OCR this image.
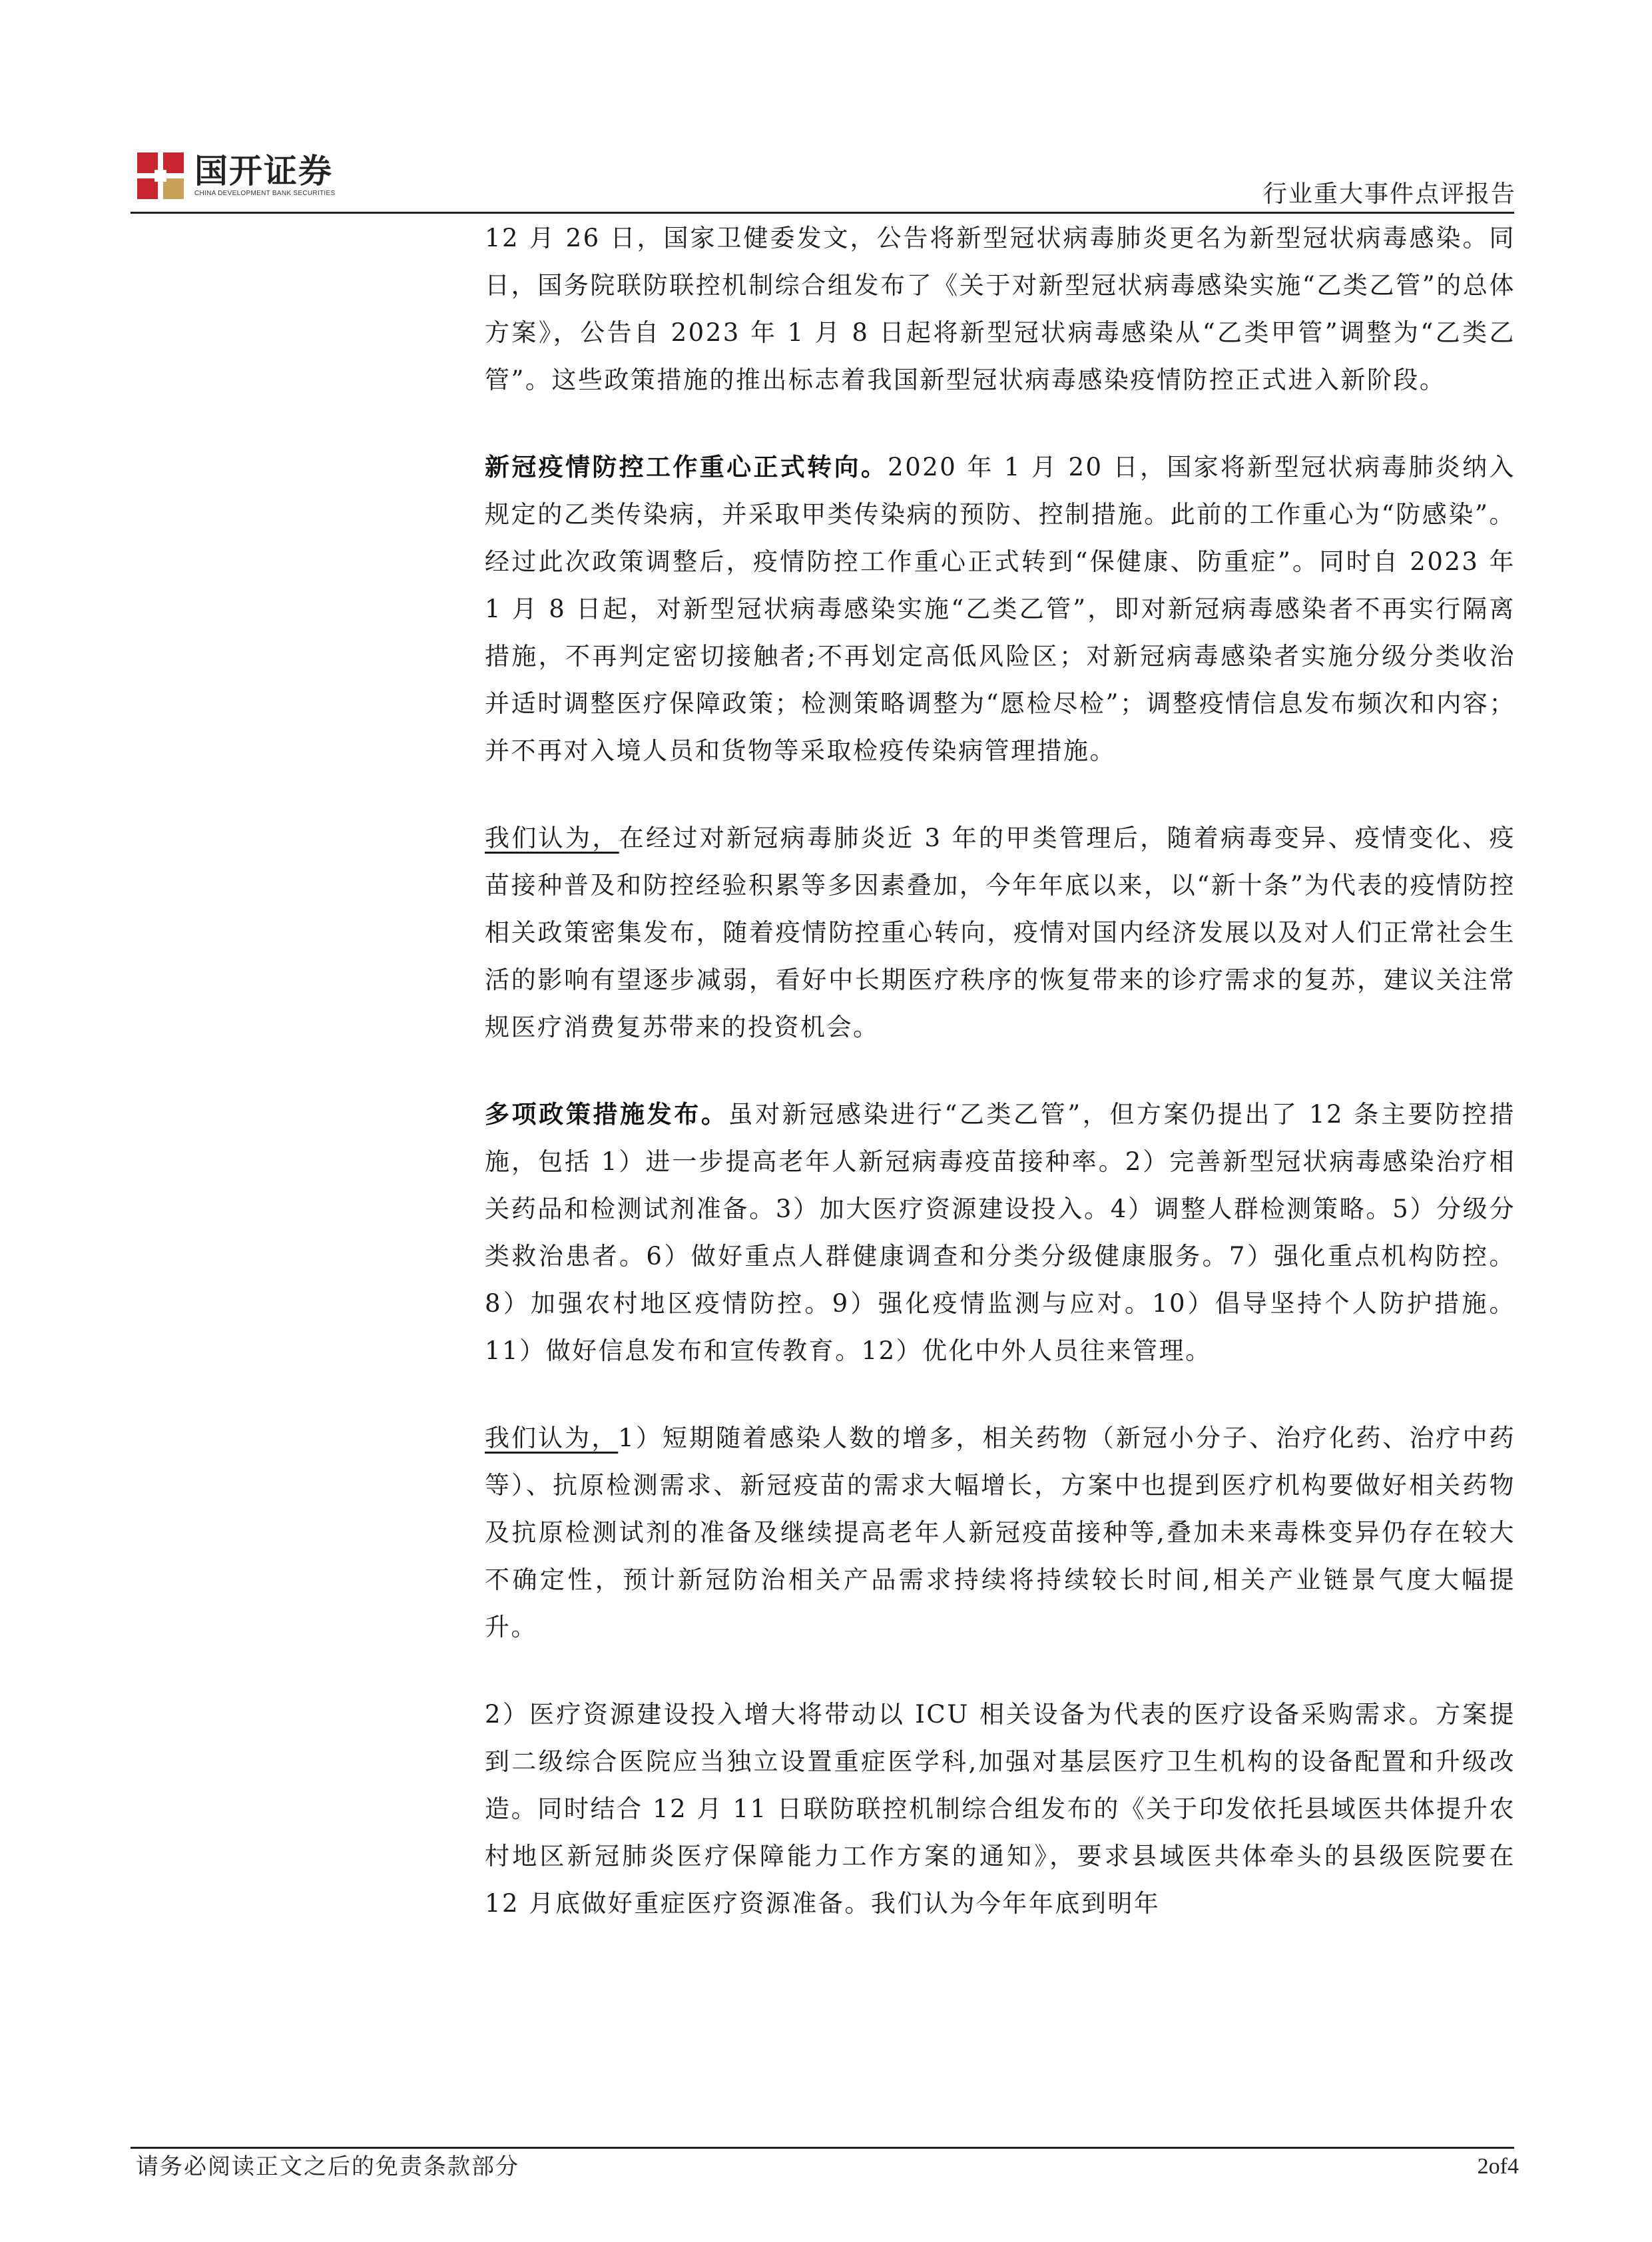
国开证券
CHINA DEVELOPMENT BANK SECURITIES	行业重大事件点评报告

12 月 26 日，国家卫健委发文，公告将新型冠状病毒肺炎更名为新型冠状病毒感染。同日，国务院联防联控机制综合组发布了《关于对新型冠状病毒感染实施“乙类乙管”的总体方案》，公告自 2023 年 1 月 8 日起将新型冠状病毒感染从“乙类甲管”调整为“乙类乙管”。这些政策措施的推出标志着我国新型冠状病毒感染疫情防控正式进入新阶段。

新冠疫情防控工作重心正式转向。2020 年 1 月 20 日，国家将新型冠状病毒肺炎纳入规定的乙类传染病，并采取甲类传染病的预防、控制措施。此前的工作重心为“防感染”。经过此次政策调整后，疫情防控工作重心正式转到“保健康、防重症”。同时自 2023 年 1 月 8 日起，对新型冠状病毒感染实施“乙类乙管”，即对新冠病毒感染者不再实行隔离措施，不再判定密切接触者;不再划定高低风险区；对新冠病毒感染者实施分级分类收治并适时调整医疗保障政策；检测策略调整为“愿检尽检”；调整疫情信息发布频次和内容；并不再对入境人员和货物等采取检疫传染病管理措施。

我们认为，在经过对新冠病毒肺炎近 3 年的甲类管理后，随着病毒变异、疫情变化、疫苗接种普及和防控经验积累等多因素叠加，今年年底以来，以“新十条”为代表的疫情防控相关政策密集发布，随着疫情防控重心转向，疫情对国内经济发展以及对人们正常社会生活的影响有望逐步减弱，看好中长期医疗秩序的恢复带来的诊疗需求的复苏，建议关注常规医疗消费复苏带来的投资机会。

多项政策措施发布。虽对新冠感染进行“乙类乙管”，但方案仍提出了 12 条主要防控措施，包括 1）进一步提高老年人新冠病毒疫苗接种率。2）完善新型冠状病毒感染治疗相关药品和检测试剂准备。3）加大医疗资源建设投入。4）调整人群检测策略。5）分级分类救治患者。6）做好重点人群健康调查和分类分级健康服务。7）强化重点机构防控。8）加强农村地区疫情防控。9）强化疫情监测与应对。10）倡导坚持个人防护措施。11）做好信息发布和宣传教育。12）优化中外人员往来管理。

我们认为，1）短期随着感染人数的增多，相关药物（新冠小分子、治疗化药、治疗中药等）、抗原检测需求、新冠疫苗的需求大幅增长，方案中也提到医疗机构要做好相关药物及抗原检测试剂的准备及继续提高老年人新冠疫苗接种等,叠加未来毒株变异仍存在较大不确定性，预计新冠防治相关产品需求持续将持续较长时间,相关产业链景气度大幅提升。

2）医疗资源建设投入增大将带动以 ICU 相关设备为代表的医疗设备采购需求。方案提到二级综合医院应当独立设置重症医学科,加强对基层医疗卫生机构的设备配置和升级改造。同时结合 12 月 11 日联防联控机制综合组发布的《关于印发依托县域医共体提升农村地区新冠肺炎医疗保障能力工作方案的通知》，要求县域医共体牵头的县级医院要在 12 月底做好重症医疗资源准备。我们认为今年年底到明年

请务必阅读正文之后的免责条款部分	2of4
